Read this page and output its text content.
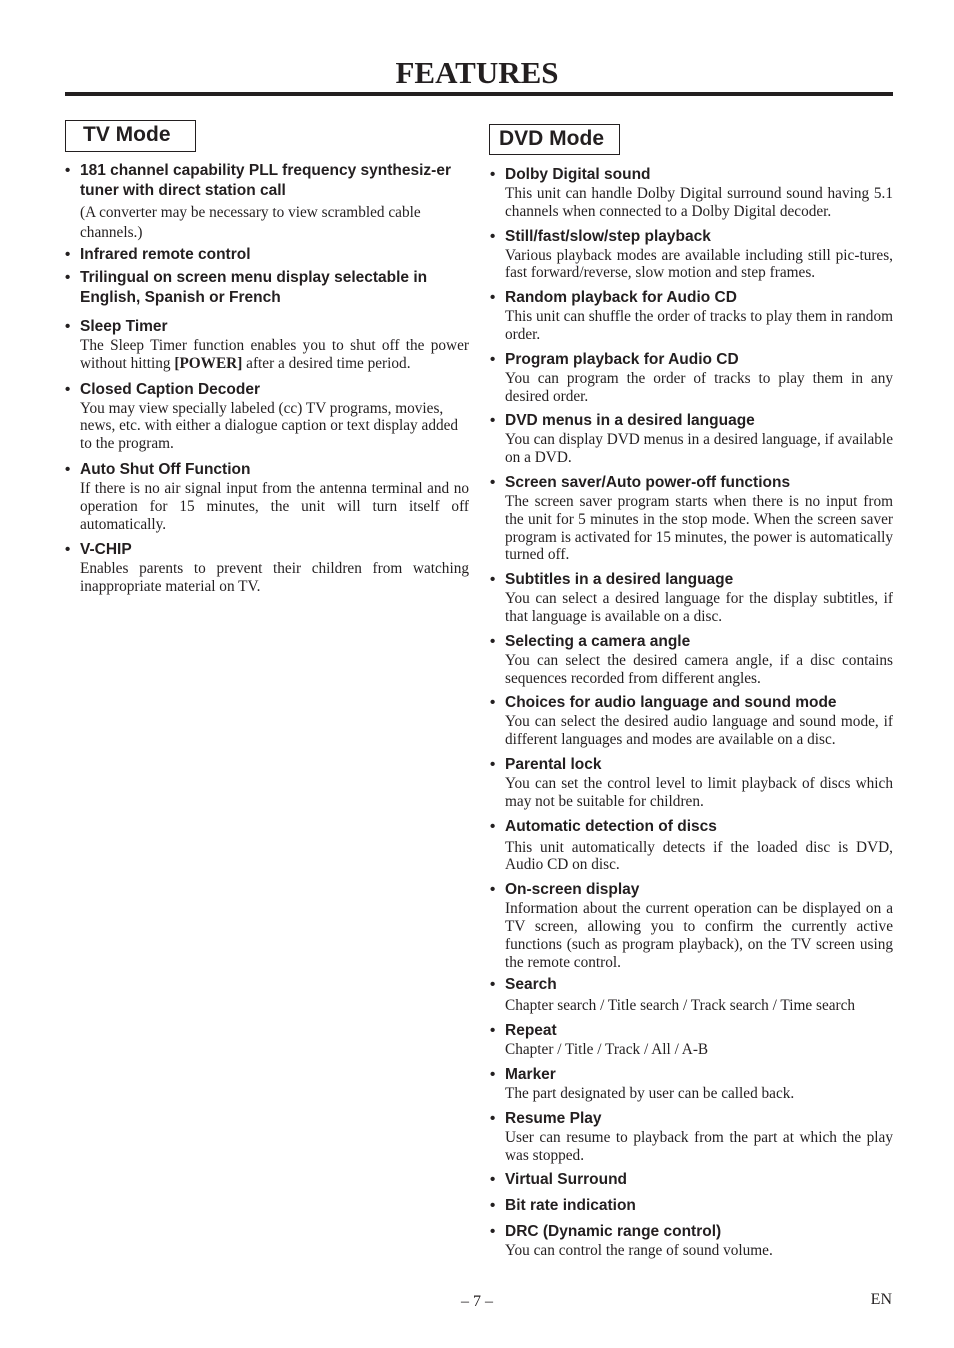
FEATURES
TV Mode
• 181 channel capability PLL frequency synthesiz-er tuner with direct station call
(A converter may be necessary to view scrambled cable channels.)
• Infrared remote control
• Trilingual on screen menu display selectable in English, Spanish or French
• Sleep Timer
The Sleep Timer function enables you to shut off the power without hitting [POWER] after a desired time period.
• Closed Caption Decoder
You may view specially labeled (cc) TV programs, movies, news, etc. with either a dialogue caption or text display added to the program.
• Auto Shut Off Function
If there is no air signal input from the antenna terminal and no operation for 15 minutes, the unit will turn itself off automatically.
• V-CHIP
Enables parents to prevent their children from watching inappropriate material on TV.
DVD Mode
• Dolby Digital sound
This unit can handle Dolby Digital surround sound having 5.1 channels when connected to a Dolby Digital decoder.
• Still/fast/slow/step playback
Various playback modes are available including still pic-tures, fast forward/reverse, slow motion and step frames.
• Random playback for Audio CD
This unit can shuffle the order of tracks to play them in random order.
• Program playback for Audio CD
You can program the order of tracks to play them in any desired order.
• DVD menus in a desired language
You can display DVD menus in a desired language, if available on a DVD.
• Screen saver/Auto power-off functions
The screen saver program starts when there is no input from the unit for 5 minutes in the stop mode. When the screen saver program is activated for 15 minutes, the power is automatically turned off.
• Subtitles in a desired language
You can select a desired language for the display subtitles, if that language is available on a disc.
• Selecting a camera angle
You can select the desired camera angle, if a disc contains sequences recorded from different angles.
• Choices for audio language and sound mode
You can select the desired audio language and sound mode, if different languages and modes are available on a disc.
• Parental lock
You can set the control level to limit playback of discs which may not be suitable for children.
• Automatic detection of discs
This unit automatically detects if the loaded disc is DVD, Audio CD on disc.
• On-screen display
Information about the current operation can be displayed on a TV screen, allowing you to confirm the currently active functions (such as program playback), on the TV screen using the remote control.
• Search
Chapter search / Title search / Track search / Time search
• Repeat
Chapter / Title / Track / All / A-B
• Marker
The part designated by user can be called back.
• Resume Play
User can resume to playback from the part at which the play was stopped.
• Virtual Surround
• Bit rate indication
• DRC (Dynamic range control)
You can control the range of sound volume.
– 7 –	EN
